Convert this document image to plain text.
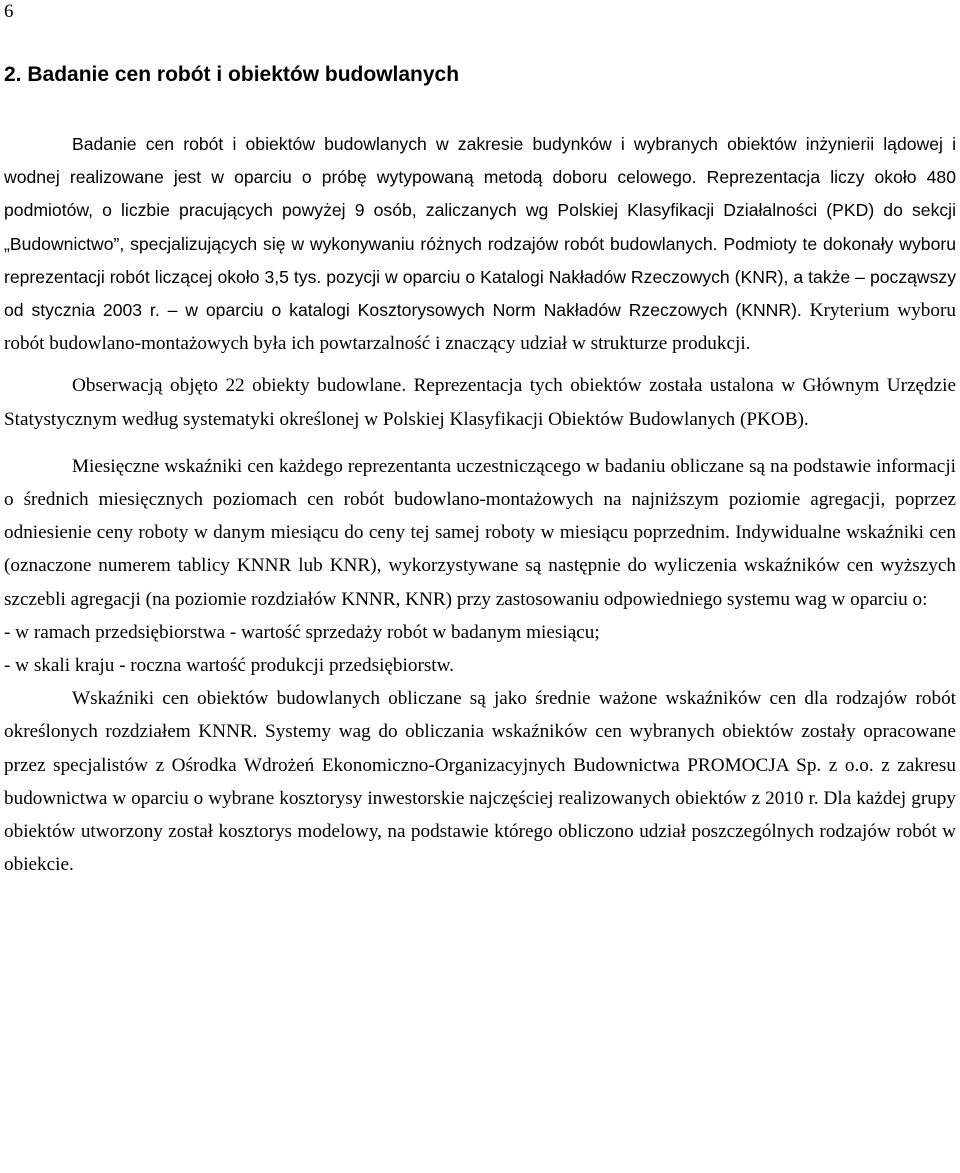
6
2. Badanie cen robót i obiektów budowlanych

Badanie cen robót i obiektów budowlanych w zakresie budynków i wybranych obiektów inżynierii lądowej i wodnej realizowane jest w oparciu o próbę wytypowaną metodą doboru celowego. Reprezentacja liczy około 480 podmiotów, o liczbie pracujących powyżej 9 osób, zaliczanych wg Polskiej Klasyfikacji Działalności (PKD) do sekcji „Budownictwo”, specjalizujących się w wykonywaniu różnych rodzajów robót budowlanych. Podmioty te dokonały wyboru reprezentacji robót liczącej około 3,5 tys. pozycji w oparciu o Katalogi Nakładów Rzeczowych (KNR), a także – począwszy od stycznia 2003 r. – w oparciu o katalogi Kosztorysowych Norm Nakładów Rzeczowych (KNNR). Kryterium wyboru robót budowlano-montażowych była ich powtarzalność i znaczący udział w strukturze produkcji.

Obserwacją objęto 22 obiekty budowlane. Reprezentacja tych obiektów została ustalona w Głównym Urzędzie Statystycznym według systematyki określonej w Polskiej Klasyfikacji Obiektów Budowlanych (PKOB).

Miesięczne wskaźniki cen każdego reprezentanta uczestniczącego w badaniu obliczane są na podstawie informacji o średnich miesięcznych poziomach cen robót budowlano-montażowych na najniższym poziomie agregacji, poprzez odniesienie ceny roboty w danym miesiącu do ceny tej samej roboty w miesiącu poprzednim. Indywidualne wskaźniki cen (oznaczone numerem tablicy KNNR lub KNR), wykorzystywane są następnie do wyliczenia wskaźników cen wyższych szczebli agregacji (na poziomie rozdziałów KNNR, KNR) przy zastosowaniu odpowiedniego systemu wag w oparciu o:

- w ramach przedsiębiorstwa - wartość sprzedaży robót w badanym miesiącu;

- w skali kraju - roczna wartość produkcji przedsiębiorstw.

Wskaźniki cen obiektów budowlanych obliczane są jako średnie ważone wskaźników cen dla rodzajów robót określonych rozdziałem KNNR. Systemy wag do obliczania wskaźników cen wybranych obiektów zostały opracowane przez specjalistów z Ośrodka Wdrożeń Ekonomiczno-Organizacyjnych Budownictwa PROMOCJA Sp. z o.o. z zakresu budownictwa w oparciu o wybrane kosztorysy inwestorskie najczęściej realizowanych obiektów z 2010 r. Dla każdej grupy obiektów utworzony został kosztorys modelowy, na podstawie którego obliczono udział poszczególnych rodzajów robót w obiekcie.
